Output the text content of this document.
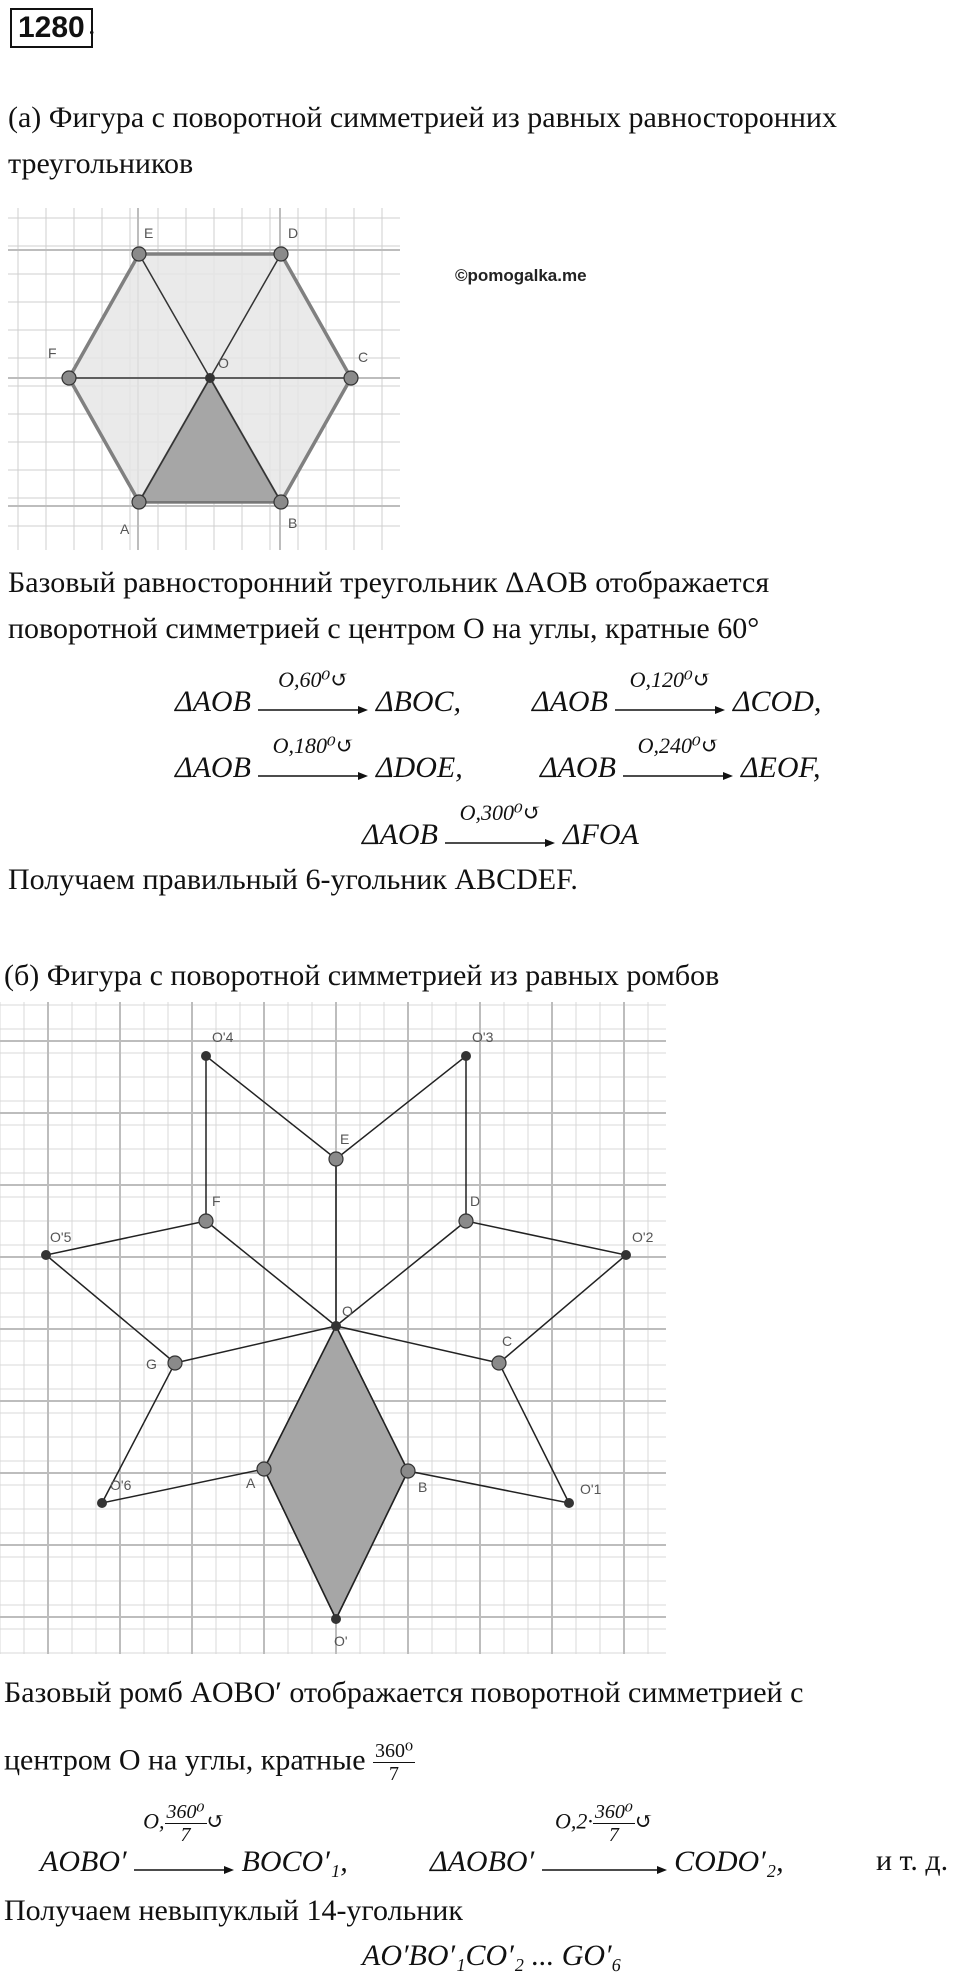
1280 .
(а) Фигура с поворотной симметрией из равных равносторонних
треугольников
A	B
C
D
E
F
O
©pomogalka.me
Базовый равносторонний треугольник ΔAOB отображается
поворотной симметрией с центром O на углы, кратные 60°
ΔAOB
O,60⁰↺
ΔBOC, ΔAOB
O,120⁰↺
ΔCOD,
ΔAOB
O,180⁰↺
ΔDOE,	ΔAOB
O,240⁰↺
ΔEOF,
ΔAOB
O,300⁰↺
ΔFOA
Получаем правильный 6-угольник ABCDEF.
(б) Фигура с поворотной симметрией из равных ромбов
O
A	B
C
D
E
F
G
O'1
O'2
O'3
O'4
O'5
O'6
O'
Базовый ромб AOBO′ отображается поворотной симметрией с
центром O на углы, кратные $\frac{\text{360⁰}}{7}$
AOBO′
O, $\frac{\text{360⁰}}{7}$ ↺
BOCO′₁,	ΔAOBO′
$O,2\cdot \frac{\text{360⁰}}{7}$ ↺
CODO′₂,	и т. д.
Получаем невыпуклый 14-угольник
AO′BO′₁CO′₂ ... GO′₆
